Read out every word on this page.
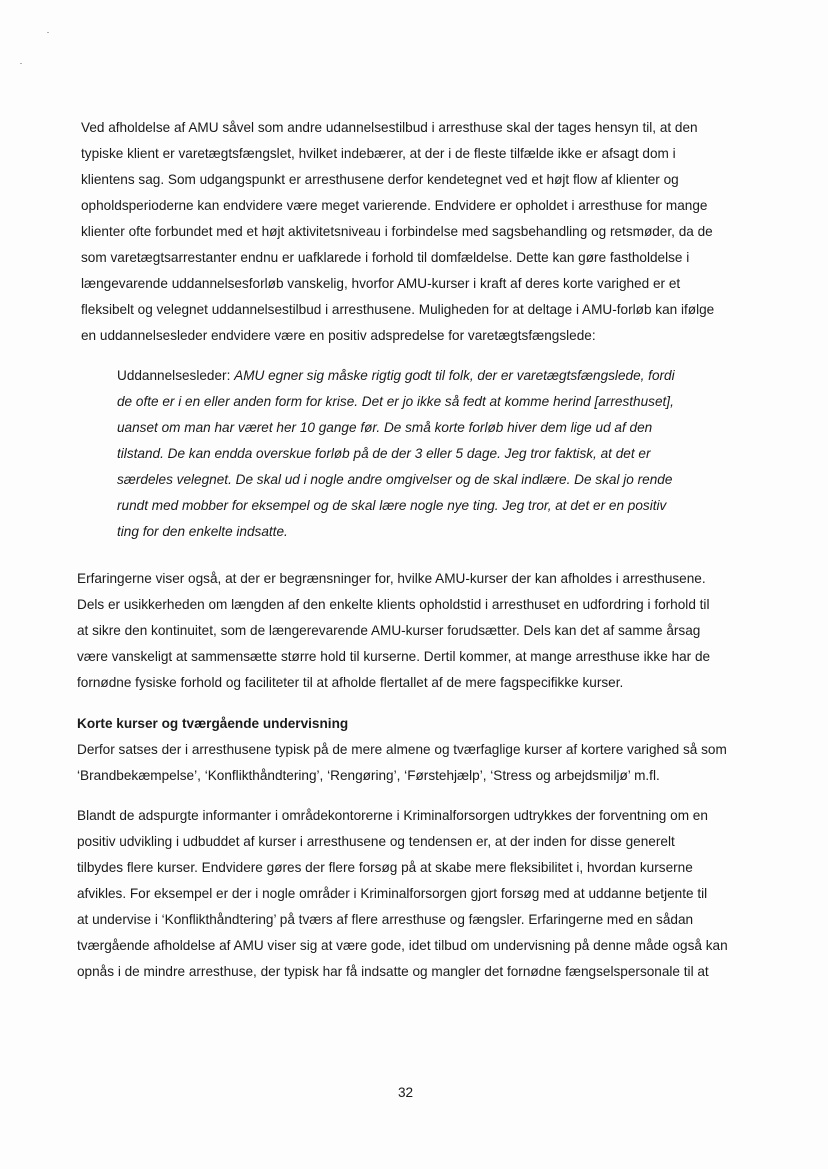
Ved afholdelse af AMU såvel som andre udannelsestilbud i arresthuse skal der tages hensyn til, at den
typiske klient er varetægtsfængslet, hvilket indebærer, at der i de fleste tilfælde ikke er afsagt dom i
klientens sag. Som udgangspunkt er arresthusene derfor kendetegnet ved et højt flow af klienter og
opholdsperioderne kan endvidere være meget varierende. Endvidere er opholdet i arresthuse for mange
klienter ofte forbundet med et højt aktivitetsniveau i forbindelse med sagsbehandling og retsmøder, da de
som varetægtsarrestanter endnu er uafklarede i forhold til domfældelse. Dette kan gøre fastholdelse i
længevarende uddannelsesforløb vanskelig, hvorfor AMU-kurser i kraft af deres korte varighed er et
fleksibelt og velegnet uddannelsestilbud i arresthusene. Muligheden for at deltage i AMU-forløb kan ifølge
en uddannelsesleder endvidere være en positiv adspredelse for varetægtsfængslede:
Uddannelsesleder: AMU egner sig måske rigtig godt til folk, der er varetægtsfængslede, fordi
de ofte er i en eller anden form for krise. Det er jo ikke så fedt at komme herind [arresthuset],
uanset om man har været her 10 gange før. De små korte forløb hiver dem lige ud af den
tilstand. De kan endda overskue forløb på de der 3 eller 5 dage. Jeg tror faktisk, at det er
særdeles velegnet. De skal ud i nogle andre omgivelser og de skal indlære. De skal jo rende
rundt med mobber for eksempel og de skal lære nogle nye ting. Jeg tror, at det er en positiv
ting for den enkelte indsatte.
Erfaringerne viser også, at der er begrænsninger for, hvilke AMU-kurser der kan afholdes i arresthusene.
Dels er usikkerheden om længden af den enkelte klients opholdstid i arresthuset en udfordring i forhold til
at sikre den kontinuitet, som de længerevarende AMU-kurser forudsætter. Dels kan det af samme årsag
være vanskeligt at sammensætte større hold til kurserne. Dertil kommer, at mange arresthuse ikke har de
fornødne fysiske forhold og faciliteter til at afholde flertallet af de mere fagspecifikke kurser.
Korte kurser og tværgående undervisning
Derfor satses der i arresthusene typisk på de mere almene og tværfaglige kurser af kortere varighed så som
‘Brandbekæmpelse’, ‘Konflikthåndtering’, ‘Rengøring’, ‘Førstehjælp’, ‘Stress og arbejdsmiljø’ m.fl.
Blandt de adspurgte informanter i områdekontorerne i Kriminalforsorgen udtrykkes der forventning om en
positiv udvikling i udbuddet af kurser i arresthusene og tendensen er, at der inden for disse generelt
tilbydes flere kurser. Endvidere gøres der flere forsøg på at skabe mere fleksibilitet i, hvordan kurserne
afvikles. For eksempel er der i nogle områder i Kriminalforsorgen gjort forsøg med at uddanne betjente til
at undervise i ‘Konflikthåndtering’ på tværs af flere arresthuse og fængsler. Erfaringerne med en sådan
tværgående afholdelse af AMU viser sig at være gode, idet tilbud om undervisning på denne måde også kan
opnås i de mindre arresthuse, der typisk har få indsatte og mangler det fornødne fængselspersonale til at
32
